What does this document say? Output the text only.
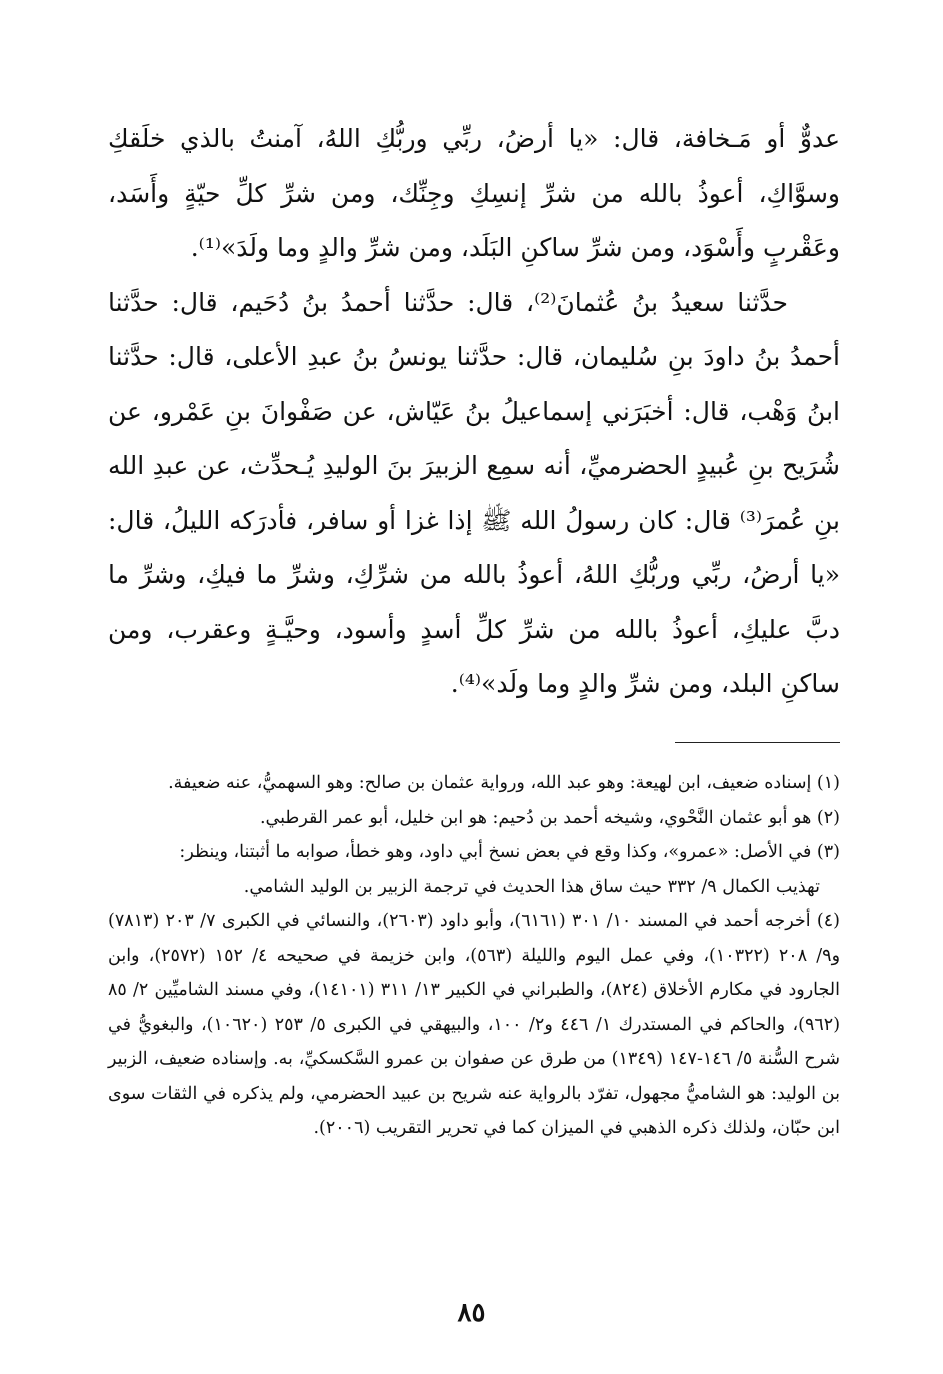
عدوٌّ أو مَـخافة، قال: «يا أرضُ، ربِّي وربُّكِ اللهُ، آمنتُ بالذي خلَقكِ وسوَّاكِ، أعوذُ بالله من شرِّ إنسِكِ وجِنِّك، ومن شرِّ كلِّ حيّةٍ وأَسَد، وعَقْربٍ وأَسْوَد، ومن شرِّ ساكنِ البَلَد، ومن شرِّ والدٍ وما ولَدَ»⁽¹⁾.

حدَّثنا سعيدُ بنُ عُثمانَ⁽²⁾، قال: حدَّثنا أحمدُ بنُ دُحَيم، قال: حدَّثنا أحمدُ بنُ داودَ بنِ سُليمان، قال: حدَّثنا يونسُ بنُ عبدِ الأعلى، قال: حدَّثنا ابنُ وَهْب، قال: أخبَرَني إسماعيلُ بنُ عَيّاش، عن صَفْوانَ بنِ عَمْرو، عن شُرَيح بنِ عُبيدٍ الحضرميِّ، أنه سمِع الزبيرَ بنَ الوليدِ يُـحدِّث، عن عبدِ الله بنِ عُمرَ⁽³⁾ قال: كان رسولُ الله ﷺ إذا غزا أو سافر، فأدرَكه الليلُ، قال: «يا أرضُ، ربِّي وربُّكِ اللهُ، أعوذُ بالله من شرِّكِ، وشرِّ ما فيكِ، وشرِّ ما دبَّ عليكِ، أعوذُ بالله من شرِّ كلِّ أسدٍ وأسود، وحيَّـةٍ وعقرب، ومن ساكنِ البلد، ومن شرِّ والدٍ وما ولَد»⁽⁴⁾.

(١) إسناده ضعيف، ابن لهيعة: وهو عبد الله، ورواية عثمان بن صالح: وهو السهميُّ، عنه ضعيفة.

(٢) هو أبو عثمان النَّحْوي، وشيخه أحمد بن دُحيم: هو ابن خليل، أبو عمر القرطبي.

(٣) في الأصل: «عمرو»، وكذا وقع في بعض نسخ أبي داود، وهو خطأ، صوابه ما أثبتنا، وينظر:

تهذيب الكمال ٩/ ٣٣٢ حيث ساق هذا الحديث في ترجمة الزبير بن الوليد الشامي.

(٤) أخرجه أحمد في المسند ١٠/ ٣٠١ (٦١٦١)، وأبو داود (٢٦٠٣)، والنسائي في الكبرى ٧/ ٢٠٣ (٧٨١٣) و٩/ ٢٠٨ (١٠٣٢٢)، وفي عمل اليوم والليلة (٥٦٣)، وابن خزيمة في صحيحه ٤/ ١٥٢ (٢٥٧٢)، وابن الجارود في مكارم الأخلاق (٨٢٤)، والطبراني في الكبير ١٣/ ٣١١ (١٤١٠١)، وفي مسند الشاميِّين ٢/ ٨٥ (٩٦٢)، والحاكم في المستدرك ١/ ٤٤٦ و٢/ ١٠٠، والبيهقي في الكبرى ٥/ ٢٥٣ (١٠٦٢٠)، والبغويُّ في شرح السُّنة ٥/ ١٤٦-١٤٧ (١٣٤٩) من طرق عن صفوان بن عمرو السَّكسكيِّ، به. وإسناده ضعيف، الزبير بن الوليد: هو الشاميُّ مجهول، تفرّد بالرواية عنه شريح بن عبيد الحضرمي، ولم يذكره في الثقات سوى ابن حبّان، ولذلك ذكره الذهبي في الميزان كما في تحرير التقريب (٢٠٠٦).

٨٥
